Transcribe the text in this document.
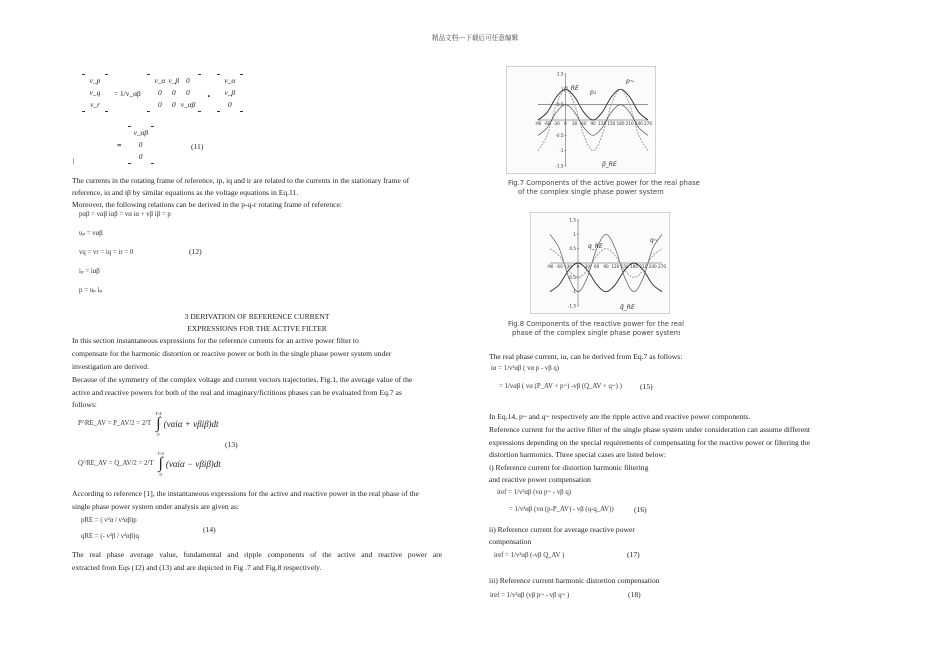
精品文档---下载后可任意编辑
v_p
v_q
v_r
= 1/v_αβ
v_α v_β 0
0	0	0
0	0 v_αβ
.
v_α
v_β
0
=
v_αβ
0
0
(11)
|
The currents in the rotating frame of reference, ip, iq and ir are related to the currents in the stationary frame of
reference, iα and iβ by similar equations as the voltage equations in Eq.11.
Moreover, the following relations can be derived in the p-q-r rotating frame of reference:
pαβ = vαβ iαβ = vα iα + vβ iβ = p
uₚ = vαβ
vq = vr = iq = ir = 0	(12)
iₚ = iαβ
p = uₚ iₚ
3 DERIVATION OF REFERENCE CURRENT
EXPRESSIONS FOR THE ACTIVE FILTER
In this section instantaneous expressions for the reference currents for an active power filter to
compensate for the harmonic distortion or reactive power or both in the single phase power system under
investigation are derived.
Because of the symmetry of the complex voltage and current vectors trajectories, Fig.1, the average value of the
active and reactive powers for both of the real and imaginary/fictitious phases can be evaluated from Eq.7 as
follows:
P^RE_AV = P_AV/2 = 2/T
T/4
∫
0
(vαiα + vβiβ)dt
(13)
Q^RE_AV = Q_AV/2 = 2/T
T/4
∫
0
(vαiα − vβiβ)dt
According to reference [1], the instantaneous expressions for the active and reactive power in the real phase of the
single phase power system under analysis are given as:
pRE = ( v²α / v²αβ)p
(14)
qRE = (- v²β / v²αβ)q
The real phase average value, fundamental and ripple components of the active and reactive power are
extracted from Eqs (12) and (13) and are depicted in Fig .7 and Fig.8 respectively.
-90 -60 -30 0 30 60 90 120 150 180 210 240 270
1.5
1
0.5
-0.5
-1
-1.5
p_RE
p₁
p~
p̃_RE
Fig.7 Components of the active power for the real phase
of the complex single phase power system
-90 -60 -30 0 30 60 90 120 150 180 210 240 270
1.5
1
0.5
-0.5
-1
-1.5
q_RE
q~
q̃_RE
Fig.8 Components of the reactive power for the real
phase of the complex single phase power system
The real phase current, iα, can be derived from Eq.7 as follows:
iα = 1/v²αβ ( vα p - vβ q)
= 1/vαβ ( vα (P_AV + p~) -vβ (Q_AV + q~) ) (15)
In Eq.14, p~ and q~ respectively are the ripple active and reactive power components.
Reference current for the active filter of the single phase system under consideration can assume different
expressions depending on the special requirements of compensating for the reactive power or filtering the
distortion harmonics. Three special cases are listed below:
i) Reference current for distortion harmonic filtering
and reactive power compensation
iref = 1/v²αβ (vα p~ - vβ q)
= 1/v²αβ (vα (p-P_AV) - vβ (q-q_AV))	(16)
ii) Reference current for average reactive power
compensation
iref = 1/v²αβ (-vβ Q_AV )	(17)
iii) Reference current harmonic distortion compensation
iref = 1/v²αβ (vβ p~ - vβ q~ )	(18)
